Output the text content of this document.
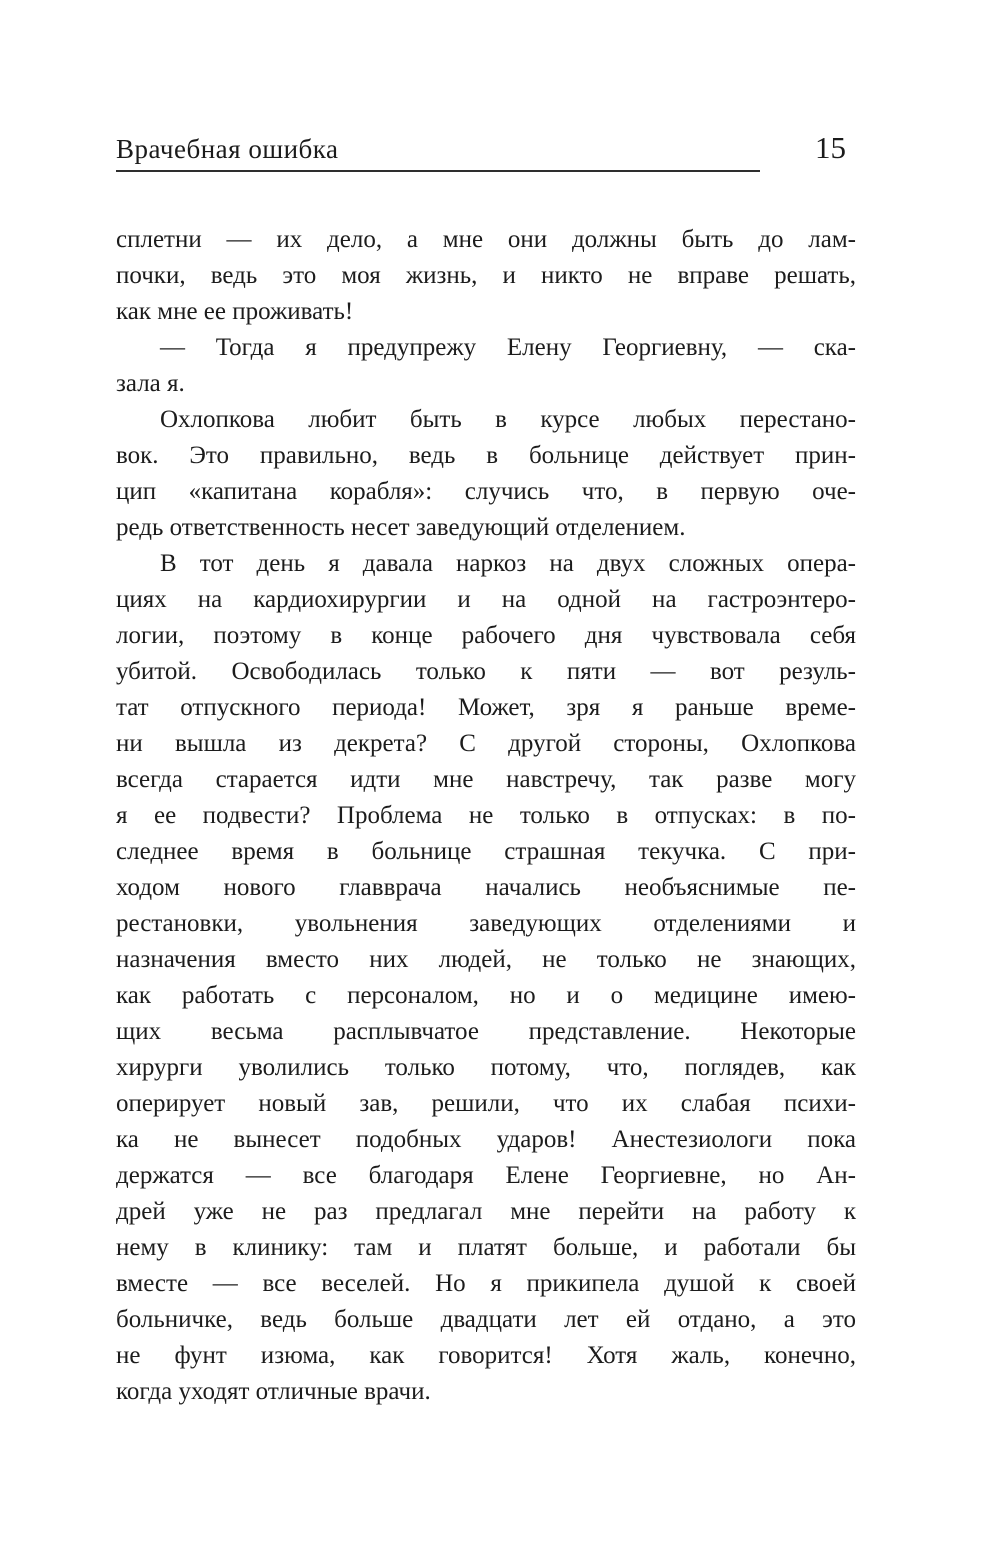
Врачебная ошибка	15
сплетни — их дело, а мне они должны быть до лам-
почки, ведь это моя жизнь, и никто не вправе решать,
как мне ее проживать!
— Тогда я предупрежу Елену Георгиевну, — ска-
зала я.
Охлопкова любит быть в курсе любых перестано-
вок. Это правильно, ведь в больнице действует прин-
цип «капитана корабля»: случись что, в первую оче-
редь ответственность несет заведующий отделением.
В тот день я давала наркоз на двух сложных опера-
циях на кардиохирургии и на одной на гастроэнтеро-
логии, поэтому в конце рабочего дня чувствовала себя
убитой. Освободилась только к пяти — вот резуль-
тат отпускного периода! Может, зря я раньше време-
ни вышла из декрета? С другой стороны, Охлопкова
всегда старается идти мне навстречу, так разве могу
я ее подвести? Проблема не только в отпусках: в по-
следнее время в больнице страшная текучка. С при-
ходом нового главврача начались необъяснимые пе-
рестановки, увольнения заведующих отделениями и
назначения вместо них людей, не только не знающих,
как работать с персоналом, но и о медицине имею-
щих весьма расплывчатое представление. Некоторые
хирурги уволились только потому, что, поглядев, как
оперирует новый зав, решили, что их слабая психи-
ка не вынесет подобных ударов! Анестезиологи пока
держатся — все благодаря Елене Георгиевне, но Ан-
дрей уже не раз предлагал мне перейти на работу к
нему в клинику: там и платят больше, и работали бы
вместе — все веселей. Но я прикипела душой к своей
больничке, ведь больше двадцати лет ей отдано, а это
не фунт изюма, как говорится! Хотя жаль, конечно,
когда уходят отличные врачи.
